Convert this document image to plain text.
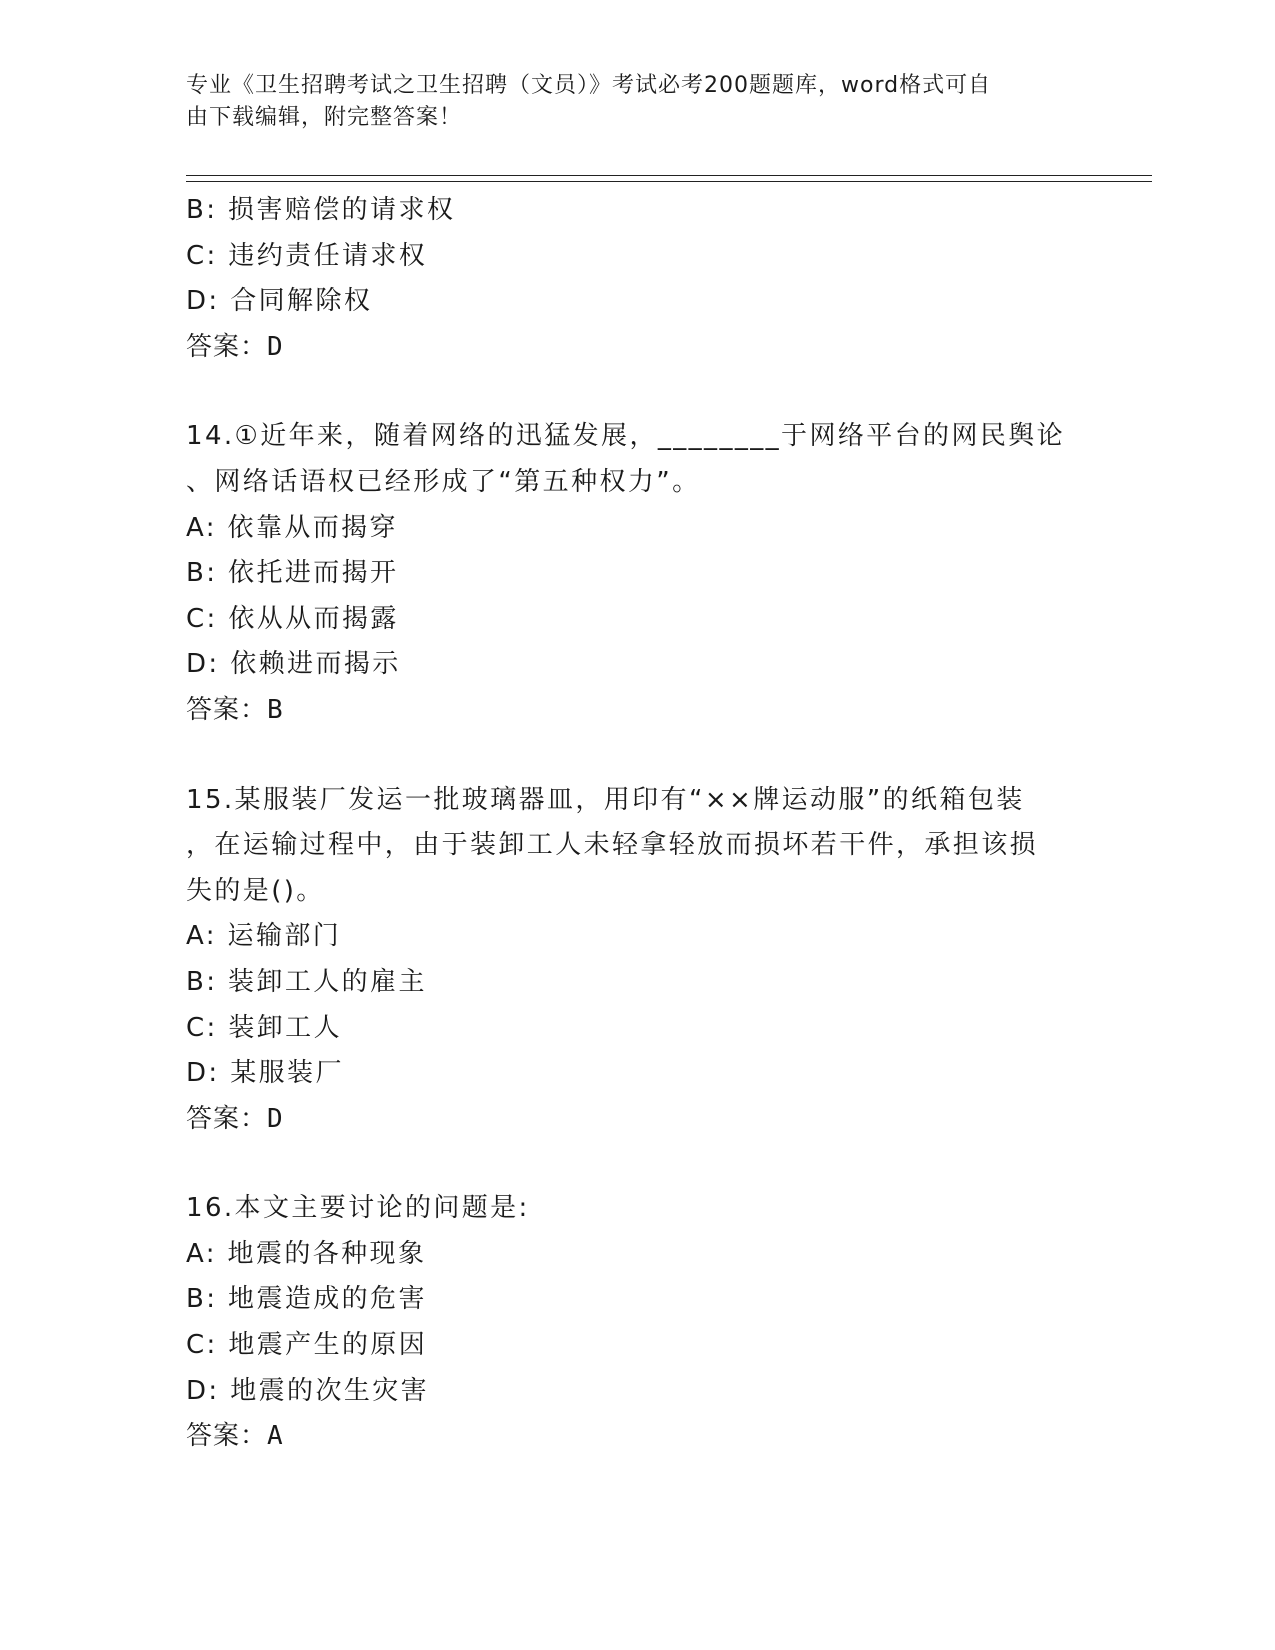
专业《卫生招聘考试之卫生招聘（文员）》考试必考200题题库，word格式可自
由下载编辑，附完整答案！
B: 损害赔偿的请求权
C: 违约责任请求权
D: 合同解除权
答案：D
14.①近年来，随着网络的迅猛发展，________于网络平台的网民舆论
、网络话语权已经形成了“第五种权力”。
A: 依靠从而揭穿
B: 依托进而揭开
C: 依从从而揭露
D: 依赖进而揭示
答案：B
15.某服装厂发运一批玻璃器皿，用印有“××牌运动服”的纸箱包装
，在运输过程中，由于装卸工人未轻拿轻放而损坏若干件，承担该损
失的是()。
A: 运输部门
B: 装卸工人的雇主
C: 装卸工人
D: 某服装厂
答案：D
16.本文主要讨论的问题是:
A: 地震的各种现象
B: 地震造成的危害
C: 地震产生的原因
D: 地震的次生灾害
答案：A
